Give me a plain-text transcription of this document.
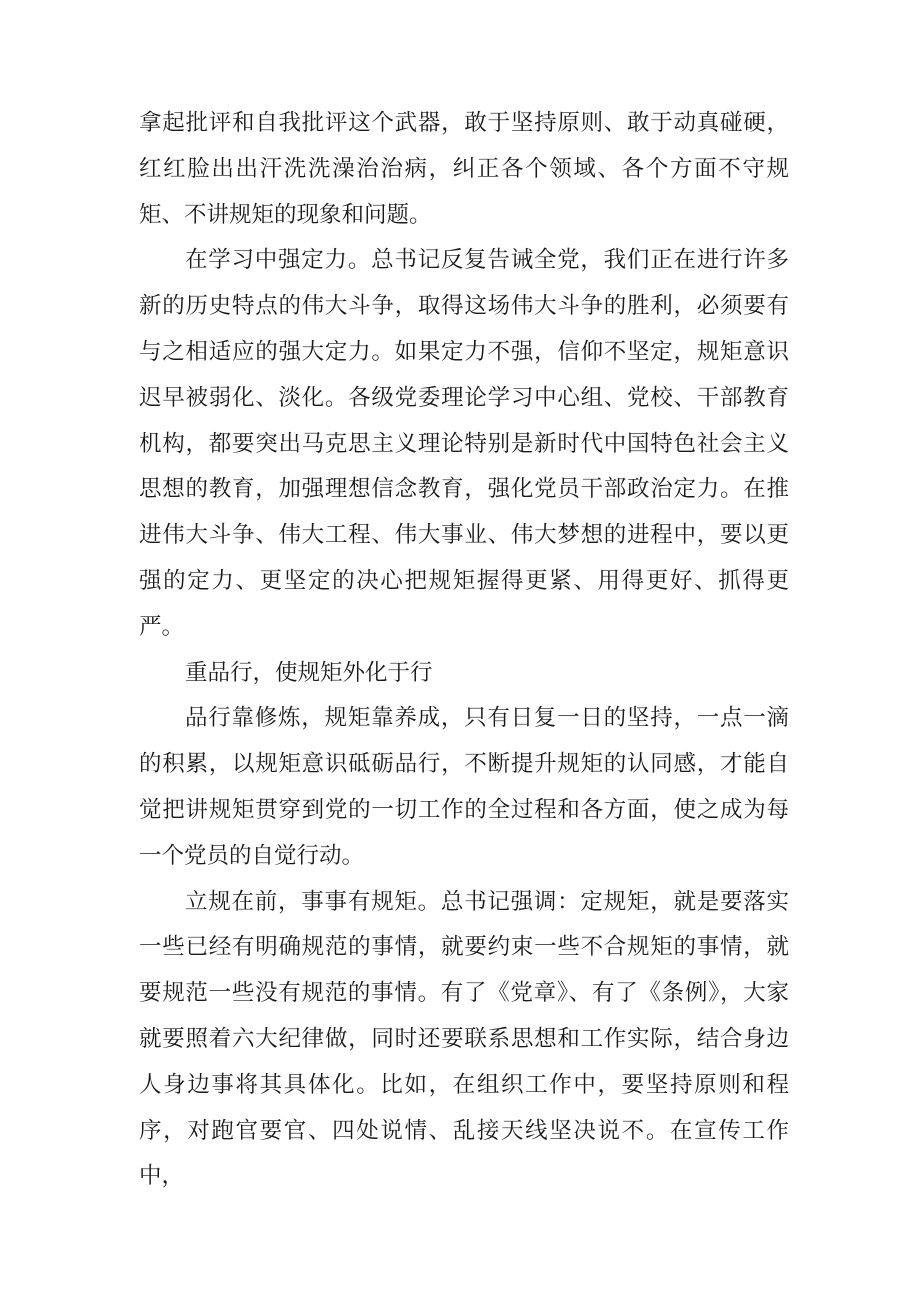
拿起批评和自我批评这个武器，敢于坚持原则、敢于动真碰硬，红红脸出出汗洗洗澡治治病，纠正各个领域、各个方面不守规矩、不讲规矩的现象和问题。

在学习中强定力。总书记反复告诫全党，我们正在进行许多新的历史特点的伟大斗争，取得这场伟大斗争的胜利，必须要有与之相适应的强大定力。如果定力不强，信仰不坚定，规矩意识迟早被弱化、淡化。各级党委理论学习中心组、党校、干部教育机构，都要突出马克思主义理论特别是新时代中国特色社会主义思想的教育，加强理想信念教育，强化党员干部政治定力。在推进伟大斗争、伟大工程、伟大事业、伟大梦想的进程中，要以更强的定力、更坚定的决心把规矩握得更紧、用得更好、抓得更严。

重品行，使规矩外化于行

品行靠修炼，规矩靠养成，只有日复一日的坚持，一点一滴的积累，以规矩意识砥砺品行，不断提升规矩的认同感，才能自觉把讲规矩贯穿到党的一切工作的全过程和各方面，使之成为每一个党员的自觉行动。

立规在前，事事有规矩。总书记强调：定规矩，就是要落实一些已经有明确规范的事情，就要约束一些不合规矩的事情，就要规范一些没有规范的事情。有了《党章》、有了《条例》，大家就要照着六大纪律做，同时还要联系思想和工作实际，结合身边人身边事将其具体化。比如，在组织工作中，要坚持原则和程序，对跑官要官、四处说情、乱接天线坚决说不。在宣传工作中，
